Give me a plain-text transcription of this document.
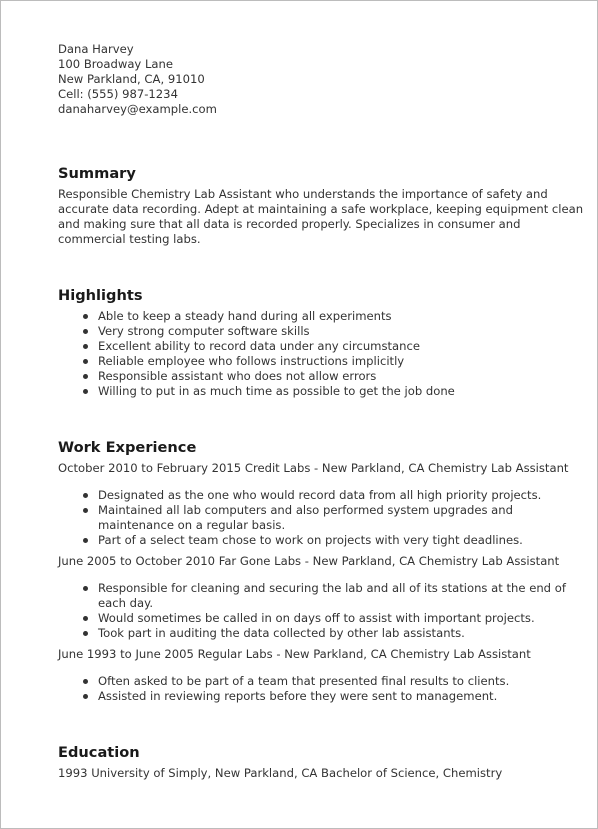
Dana Harvey
100 Broadway Lane
New Parkland, CA, 91010
Cell: (555) 987-1234
danaharvey@example.com
Summary

Responsible Chemistry Lab Assistant who understands the importance of safety and accurate data recording. Adept at maintaining a safe workplace, keeping equipment clean and making sure that all data is recorded properly. Specializes in consumer and commercial testing labs.

Highlights
Able to keep a steady hand during all experiments
Very strong computer software skills
Excellent ability to record data under any circumstance
Reliable employee who follows instructions implicitly
Responsible assistant who does not allow errors
Willing to put in as much time as possible to get the job done
Work Experience
October 2010 to February 2015 Credit Labs - New Parkland, CA Chemistry Lab Assistant
Designated as the one who would record data from all high priority projects.
Maintained all lab computers and also performed system upgrades and maintenance on a regular basis.
Part of a select team chose to work on projects with very tight deadlines.
June 2005 to October 2010 Far Gone Labs - New Parkland, CA Chemistry Lab Assistant
Responsible for cleaning and securing the lab and all of its stations at the end of each day.
Would sometimes be called in on days off to assist with important projects.
Took part in auditing the data collected by other lab assistants.
June 1993 to June 2005 Regular Labs - New Parkland, CA Chemistry Lab Assistant
Often asked to be part of a team that presented final results to clients.
Assisted in reviewing reports before they were sent to management.
Education

1993 University of Simply, New Parkland, CA Bachelor of Science, Chemistry
